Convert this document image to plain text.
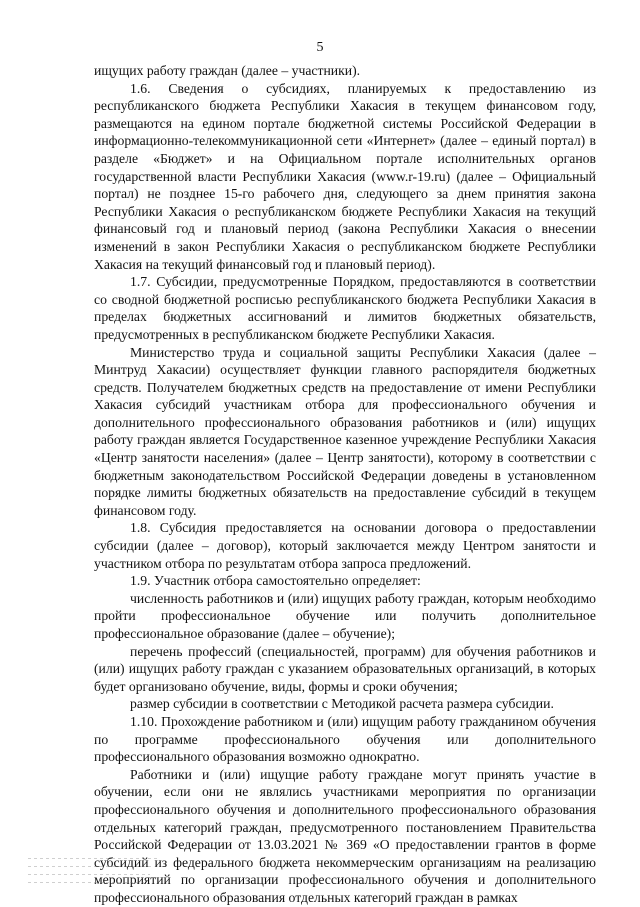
5

ищущих работу граждан (далее – участники).

1.6. Сведения о субсидиях, планируемых к предоставлению из республиканского бюджета Республики Хакасия в текущем финансовом году, размещаются на едином портале бюджетной системы Российской Федерации в информационно-телекоммуникационной сети «Интернет» (далее – единый портал) в разделе «Бюджет» и на Официальном портале исполнительных органов государственной власти Республики Хакасия (www.r-19.ru) (далее – Официальный портал) не позднее 15-го рабочего дня, следующего за днем принятия закона Республики Хакасия о республиканском бюджете Республики Хакасия на текущий финансовый год и плановый период (закона Республики Хакасия о внесении изменений в закон Республики Хакасия о республиканском бюджете Республики Хакасия на текущий финансовый год и плановый период).

1.7. Субсидии, предусмотренные Порядком, предоставляются в соответствии со сводной бюджетной росписью республиканского бюджета Республики Хакасия в пределах бюджетных ассигнований и лимитов бюджетных обязательств, предусмотренных в республиканском бюджете Республики Хакасия.

Министерство труда и социальной защиты Республики Хакасия (далее – Минтруд Хакасии) осуществляет функции главного распорядителя бюджетных средств. Получателем бюджетных средств на предоставление от имени Республики Хакасия субсидий участникам отбора для профессионального обучения и дополнительного профессионального образования работников и (или) ищущих работу граждан является Государственное казенное учреждение Республики Хакасия «Центр занятости населения» (далее – Центр занятости), которому в соответствии с бюджетным законодательством Российской Федерации доведены в установленном порядке лимиты бюджетных обязательств на предоставление субсидий в текущем финансовом году.

1.8. Субсидия предоставляется на основании договора о предоставлении субсидии (далее – договор), который заключается между Центром занятости и участником отбора по результатам отбора запроса предложений.

1.9. Участник отбора самостоятельно определяет:

численность работников и (или) ищущих работу граждан, которым необходимо пройти профессиональное обучение или получить дополнительное профессиональное образование (далее – обучение);

перечень профессий (специальностей, программ) для обучения работников и (или) ищущих работу граждан с указанием образовательных организаций, в которых будет организовано обучение, виды, формы и сроки обучения;

размер субсидии в соответствии с Методикой расчета размера субсидии.

1.10. Прохождение работником и (или) ищущим работу гражданином обучения по программе профессионального обучения или дополнительного профессионального образования возможно однократно.

Работники и (или) ищущие работу граждане могут принять участие в обучении, если они не являлись участниками мероприятия по организации профессионального обучения и дополнительного профессионального образования отдельных категорий граждан, предусмотренного постановлением Правительства Российской Федерации от 13.03.2021 № 369 «О предоставлении грантов в форме субсидий из федерального бюджета некоммерческим организациям на реализацию мероприятий по организации профессионального обучения и дополнительного профессионального образования отдельных категорий граждан в рамках
